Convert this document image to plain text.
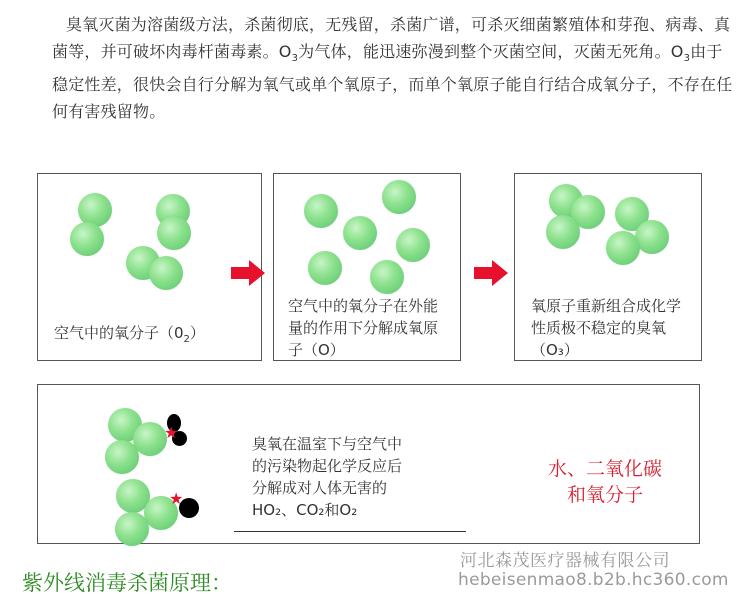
臭氧灭菌为溶菌级方法，杀菌彻底，无残留，杀菌广谱，可杀灭细菌繁殖体和芽孢、病毒、真菌等，并可破坏肉毒杆菌毒素。$O_3$为气体，能迅速弥漫到整个灭菌空间，灭菌无死角。$O_3$由于稳定性差，很快会自行分解为氧气或单个氧原子，而单个氧原子能自行结合成氧分子，不存在任何有害残留物。
空气中的氧分子$(0_2)$
空气中的氧分子在外能量的作用下分解成氧原子（O）
氧原子重新组合成化学性质极不稳定的臭氧（O₃）
★
★
臭氧在温室下与空气中
的污染物起化学反应后
分解成对人体无害的
HO₂、CO₂和O₂
水、二氧化碳
和氧分子
河北森茂医疗器械有限公司
hebeisenmao8.b2b.hc360.com
紫外线消毒杀菌原理：
